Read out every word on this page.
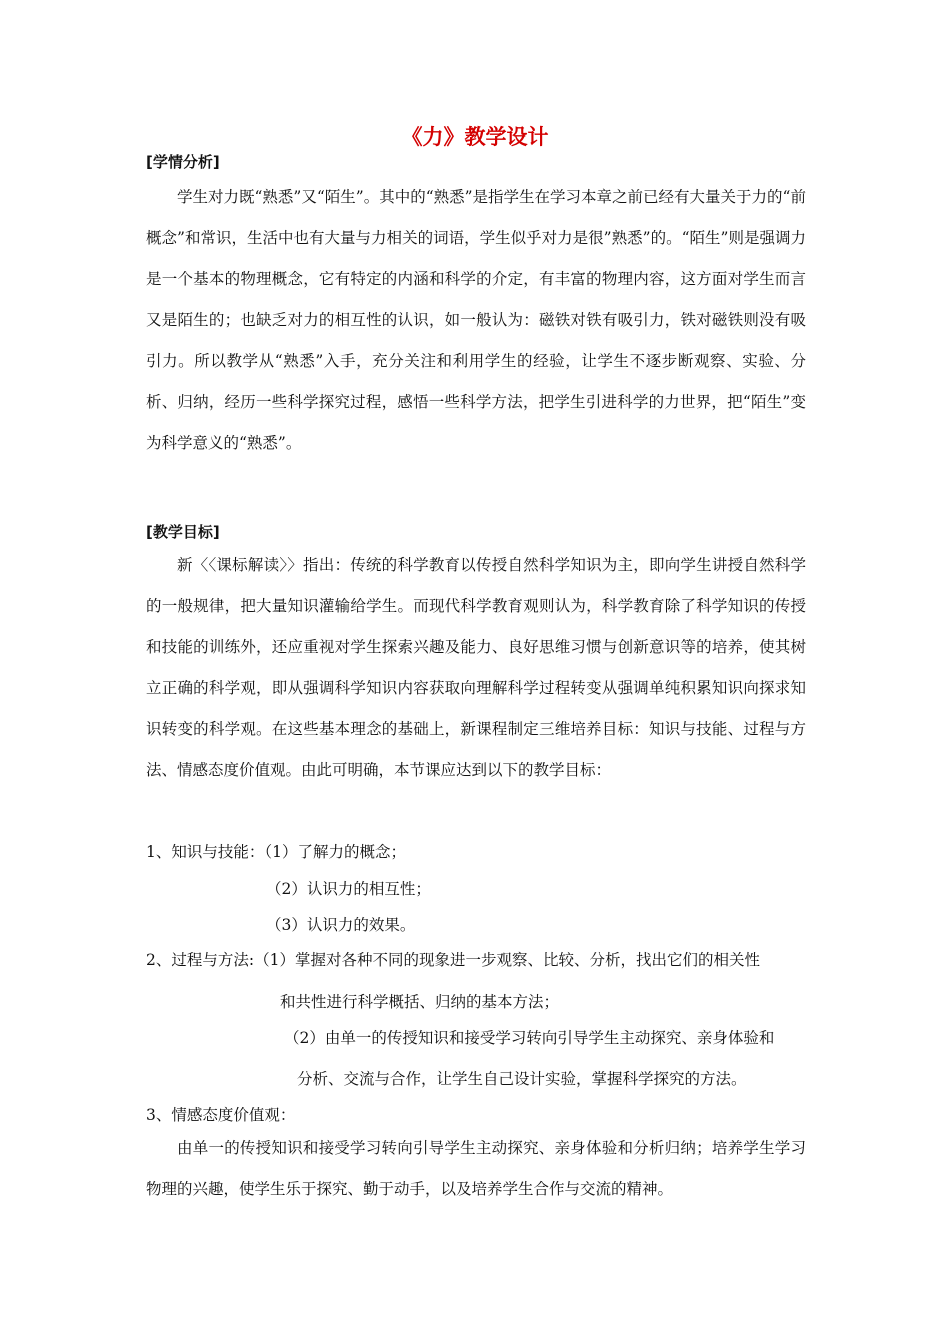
《力》教学设计
[学情分析]

学生对力既“熟悉”又“陌生”。其中的“熟悉”是指学生在学习本章之前已经有大量关于力的“前概念”和常识，生活中也有大量与力相关的词语，学生似乎对力是很”熟悉”的。“陌生”则是强调力是一个基本的物理概念，它有特定的内涵和科学的介定，有丰富的物理内容，这方面对学生而言又是陌生的；也缺乏对力的相互性的认识，如一般认为：磁铁对铁有吸引力，铁对磁铁则没有吸引力。所以教学从“熟悉”入手，充分关注和利用学生的经验，让学生不逐步断观察、实验、分析、归纳，经历一些科学探究过程，感悟一些科学方法，把学生引进科学的力世界，把“陌生”变为科学意义的“熟悉”。

[教学目标]

新〈〈课标解读〉〉指出：传统的科学教育以传授自然科学知识为主，即向学生讲授自然科学的一般规律，把大量知识灌输给学生。而现代科学教育观则认为，科学教育除了科学知识的传授和技能的训练外，还应重视对学生探索兴趣及能力、良好思维习惯与创新意识等的培养，使其树立正确的科学观，即从强调科学知识内容获取向理解科学过程转变从强调单纯积累知识向探求知识转变的科学观。在这些基本理念的基础上，新课程制定三维培养目标：知识与技能、过程与方法、情感态度价值观。由此可明确，本节课应达到以下的教学目标：

1、知识与技能：（1）了解力的概念；
（2）认识力的相互性；
（3）认识力的效果。
2、过程与方法:（1）掌握对各种不同的现象进一步观察、比较、分析，找出它们的相关性
和共性进行科学概括、归纳的基本方法；
（2）由单一的传授知识和接受学习转向引导学生主动探究、亲身体验和
分析、交流与合作，让学生自己设计实验，掌握科学探究的方法。
3、情感态度价值观：

由单一的传授知识和接受学习转向引导学生主动探究、亲身体验和分析归纳；培养学生学习物理的兴趣，使学生乐于探究、勤于动手，以及培养学生合作与交流的精神。
